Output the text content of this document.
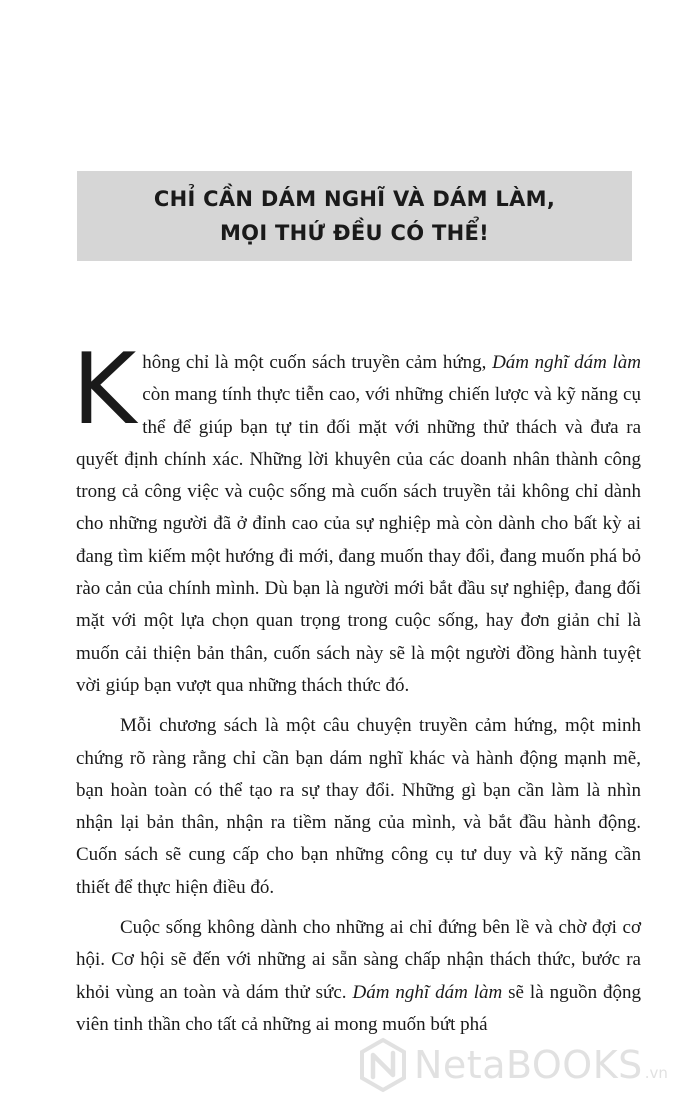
CHỈ CẦN DÁM NGHĨ VÀ DÁM LÀM,
MỌI THỨ ĐỀU CÓ THỂ!

Không chỉ là một cuốn sách truyền cảm hứng, Dám nghĩ dám làm còn mang tính thực tiễn cao, với những chiến lược và kỹ năng cụ thể để giúp bạn tự tin đối mặt với những thử thách và đưa ra quyết định chính xác. Những lời khuyên của các doanh nhân thành công trong cả công việc và cuộc sống mà cuốn sách truyền tải không chỉ dành cho những người đã ở đỉnh cao của sự nghiệp mà còn dành cho bất kỳ ai đang tìm kiếm một hướng đi mới, đang muốn thay đổi, đang muốn phá bỏ rào cản của chính mình. Dù bạn là người mới bắt đầu sự nghiệp, đang đối mặt với một lựa chọn quan trọng trong cuộc sống, hay đơn giản chỉ là muốn cải thiện bản thân, cuốn sách này sẽ là một người đồng hành tuyệt vời giúp bạn vượt qua những thách thức đó.

Mỗi chương sách là một câu chuyện truyền cảm hứng, một minh chứng rõ ràng rằng chỉ cần bạn dám nghĩ khác và hành động mạnh mẽ, bạn hoàn toàn có thể tạo ra sự thay đổi. Những gì bạn cần làm là nhìn nhận lại bản thân, nhận ra tiềm năng của mình, và bắt đầu hành động. Cuốn sách sẽ cung cấp cho bạn những công cụ tư duy và kỹ năng cần thiết để thực hiện điều đó.

Cuộc sống không dành cho những ai chỉ đứng bên lề và chờ đợi cơ hội. Cơ hội sẽ đến với những ai sẵn sàng chấp nhận thách thức, bước ra khỏi vùng an toàn và dám thử sức. Dám nghĩ dám làm sẽ là nguồn động viên tinh thần cho tất cả những ai mong muốn bứt phá

NetaBOOKS .vn
